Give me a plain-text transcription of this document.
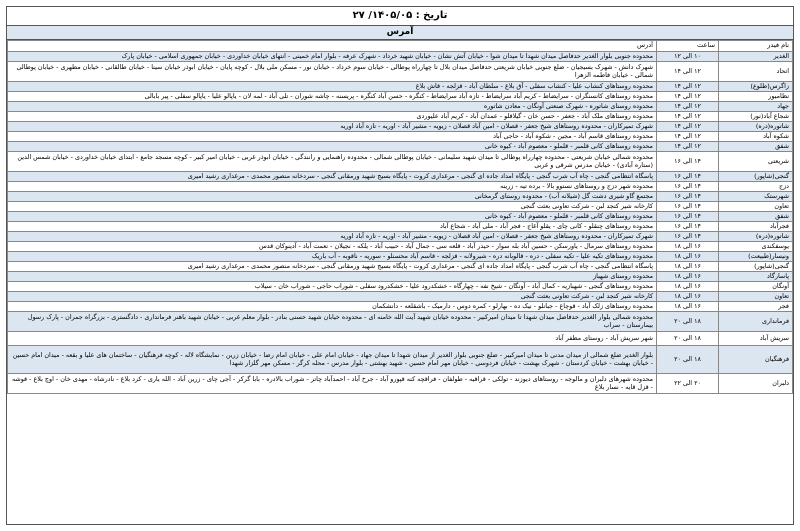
تاریخ : ۱۴۰۵/۰۵/ ۲۷
آمرس
نام فیدر	ساعت	آدرس
الغدیر	۱۰ الی ۱۲	محدوده جنوبی بلوار الغدیر حدفاصل میدان شهدا تا میدان شوا - خیابان آتش نشان - خیابان شهید خرداد - شهرک عرفه - بلوار امام خمینی - انتهای خیابان خداوردی - خیابان جمهوری اسلامی - خیابان پارک
اتحاد	۱۲ الی ۱۴	شهرک دانش - شهرک بسیجیان - ضلع جنوبی خیابان شریعتی حدفاصل میدان بلال تا چهارراه پوطالی - خیابان سوم خرداد - خیابان نور - مسکن ملی بلال - کوچه پایان - خیابان ابوذر خیابان سینا - خیابان طالقانی - خیابان مطهری - خیابان پوطالی شمالی - خیابان فاطمه الزهرا
زاگرس(طلوع)	۱۲ الی ۱۴	محدوده روستاهای کنشاب علیا - کنشاب سفلی - آق بلاغ - سلطان آباد - قزلجه - قاش بلاغ
نظامیور	۱۲ الی ۱۴	محدوده روستاهای کانسنگران - سرایضاط - کریم آباد سرایضاط - تازه آباد سرایضاط - کنگره - حسن آباد کنگره - پریسنه - چاشه شوران - تلی آباد - لمه لان - یاپالو علیا - یاپالو سفلی - پیر بابالی
جهاد	۱۲ الی ۱۴	محدوده روستای شاتوره - شهرک صنعتی آونگان - معادن شاتوره
شجاع آباد(نور)	۱۲ الی ۱۴	محدوده روستاهای ملک آباد - جعفر - حسن خان - گیلاقلو - عمدان آباد - کریم آباد علیوردی
شاتوره(دره)	۱۲ الی ۱۴	شهرک تمیرکاران - محدوده روستاهای شیخ جعفر - قصلان - امین آباد قصلان - زیویه - مشیر آباد - اوریه - تازه آباد اوریه
شکوه آباد	۱۲ الی ۱۴	محدوده روستاهای قاسم آباد - مجین - شکوه آباد - حاجی آباد
شفق	۱۲ الی ۱۴	محدوده روستاهای کانی قلمبر - قلملو - معصوم آباد - کیوه خانی
شریعتی	۱۴ الی ۱۶	محدوده شمالی خیابان شریعتی - محدوده چهارراه پوطالی تا میدان شهید سلیمانی - خیابان پوطالی شمالی - محدوده راهنمایی و رانندگی - خیابان ابوذر غربی - خیابان امیر کبیر - کوچه مسجد جامع - ابتدای خیابان خداوردی - خیابان شمس الدین (ستاره آبادی) - خیابان مدرس شرقی و غربی
گنجی(شاپور)	۱۴ الی ۱۶	پاسگاه انتظامی گنجی - چاه آب شرب گنجی - پایگاه امداد جاده ای گنجی - مرغداری کروت - پایگاه بسیج شهید ورمقانی گنجی - سردخانه منصور محمدی - مرغداری رشید امیری
دزج	۱۴ الی ۱۶	محدوده شهر دزج و روستاهای نستوو بالا - برده تیه - زرینه
شهرستک	۱۴ الی ۱۶	مجتمع گاو شیری دشت گل (شیلانه آب) - محدوده روستای گرمخانی
تعاون	۱۴ الی ۱۶	کارخانه شیر کنجد لبن - شرکت تعاونی بعثت گنجی
شفق	۱۴ الی ۱۶	محدوده روستاهای کانی قلمبر - قلملو - معصوم آباد - کیوه خانی
فجرآباد	۱۴ الی ۱۶	محدوده روستاهای چنقلو - کانی چای - یقلو آغاج - فجر آباد - ملی آباد - شجاع آباد
شاتوره(دره)	۱۴ الی ۱۶	شهرک تمیرکاران - محدوده روستاهای شیخ جعفر - قصلان - امین آباد قصلان - زیویه - مشیر آباد - اوریه - تازه آباد اوریه
یوسفکندی	۱۶ الی ۱۸	محدوده روستاهای سرمال - یاورسکن - حسین آباد بله سوار - حیدر آباد - قلعه سی - جمال آباد - حبیب آباد - یلکه - نجیلان - نعمت آباد - آدینوکان قدس
ونیسار(طبیعت)	۱۶ الی ۱۸	محدوده روستاهای تکیه علیا - تکیه سفلی - دره - قالوبانه دره - شیرولانه - قزلجه - قاسم آباد محسنلو - سوریه - ناقوبه - آب باریک
گنجی(شاپور)	۱۶ الی ۱۸	پاسگاه انتظامی گنجی - چاه آب شرب گنجی - پایگاه امداد جاده ای گنجی - مرغداری کروت - پایگاه بسیج شهید ورمقانی گنجی - سردخانه منصور محمدی - مرغداری رشید امیری
پاسارگاد	۱۶ الی ۱۸	محدوده روستای شهباز
آونگان	۱۶ الی ۱۸	محدوده روستاهای گنجی - شهبازیه - کمال آباد - آونگان - شیخ نفه - چهارگاه - خشکدرود علیا - خشکدرود سفلی - شوراب حاجی - شوراب خان - سیلاب
تعاون	۱۶ الی ۱۸	کارخانه شیر کنجد لبن - شرکت تعاونی بعثت گنجی
فجر	۱۶ الی ۱۸	محدوده روستاهای زلک آباد - قوچاغ - جبانلو - نیک ده - بهارلو - کمره دوس - دارمیک - باشقلعه - دانشکمان
فرمانداری	۱۸ الی ۲۰	محدوده شمالی بلوار الغدیر حدفاصل میدان شهدا تا میدان امیرکبیر - محدوده خیابان شهید آیت الله خامنه ای - محدوده خیابان شهید حسنی بنادر - بلوار معلم غربی - خیابان شهید باهنر فرمانداری - دادگستری - بزرگراه جمران - پارک رسول بیمارستان - سراب
سریش آباد	۱۸ الی ۲۰	شهر سریش آباد - روستای مظفر آباد
فرهنگیان	۱۸ الی ۲۰	بلوار الغدیر ضلع شمالی از میدان مدنی تا میدان امیرکبیر - ضلع جنوبی بلوار الغدیر از میدان شهدا تا میدان جهاد - خیابان امام علی - خیابان امام رضا - خیابان زرین - نمایشگاه لاله - کوچه فرهنگیان - ساختمان های علیا و بقعه - میدان امام حسین - خیابان بهشت - خیابان کردستان - شهرک بهشت - خیابان فردوسی - خیابان مهر امام حسین - شهید بهشتی - بلوار مدرس - محله کرگر - مسکن مهر گلزار شهدا
دلبران	۲۰ الی ۲۲	محدوده شهرهای دلبران و مالوجه - روستاهای دیوزند - تولکی - قراقیه - طولفان - فراقچه کنه قپورو آباد - جرخ آباد - احمدآباد چاتر - شوراب بالادره - بابا گرکر - آجی چای - زرین آباد - الله یاری - کرد بلاغ - نادرشاه - مهدی خان - اوچ بلاغ - قوشه - قزل قایه - نسار بلاغ
